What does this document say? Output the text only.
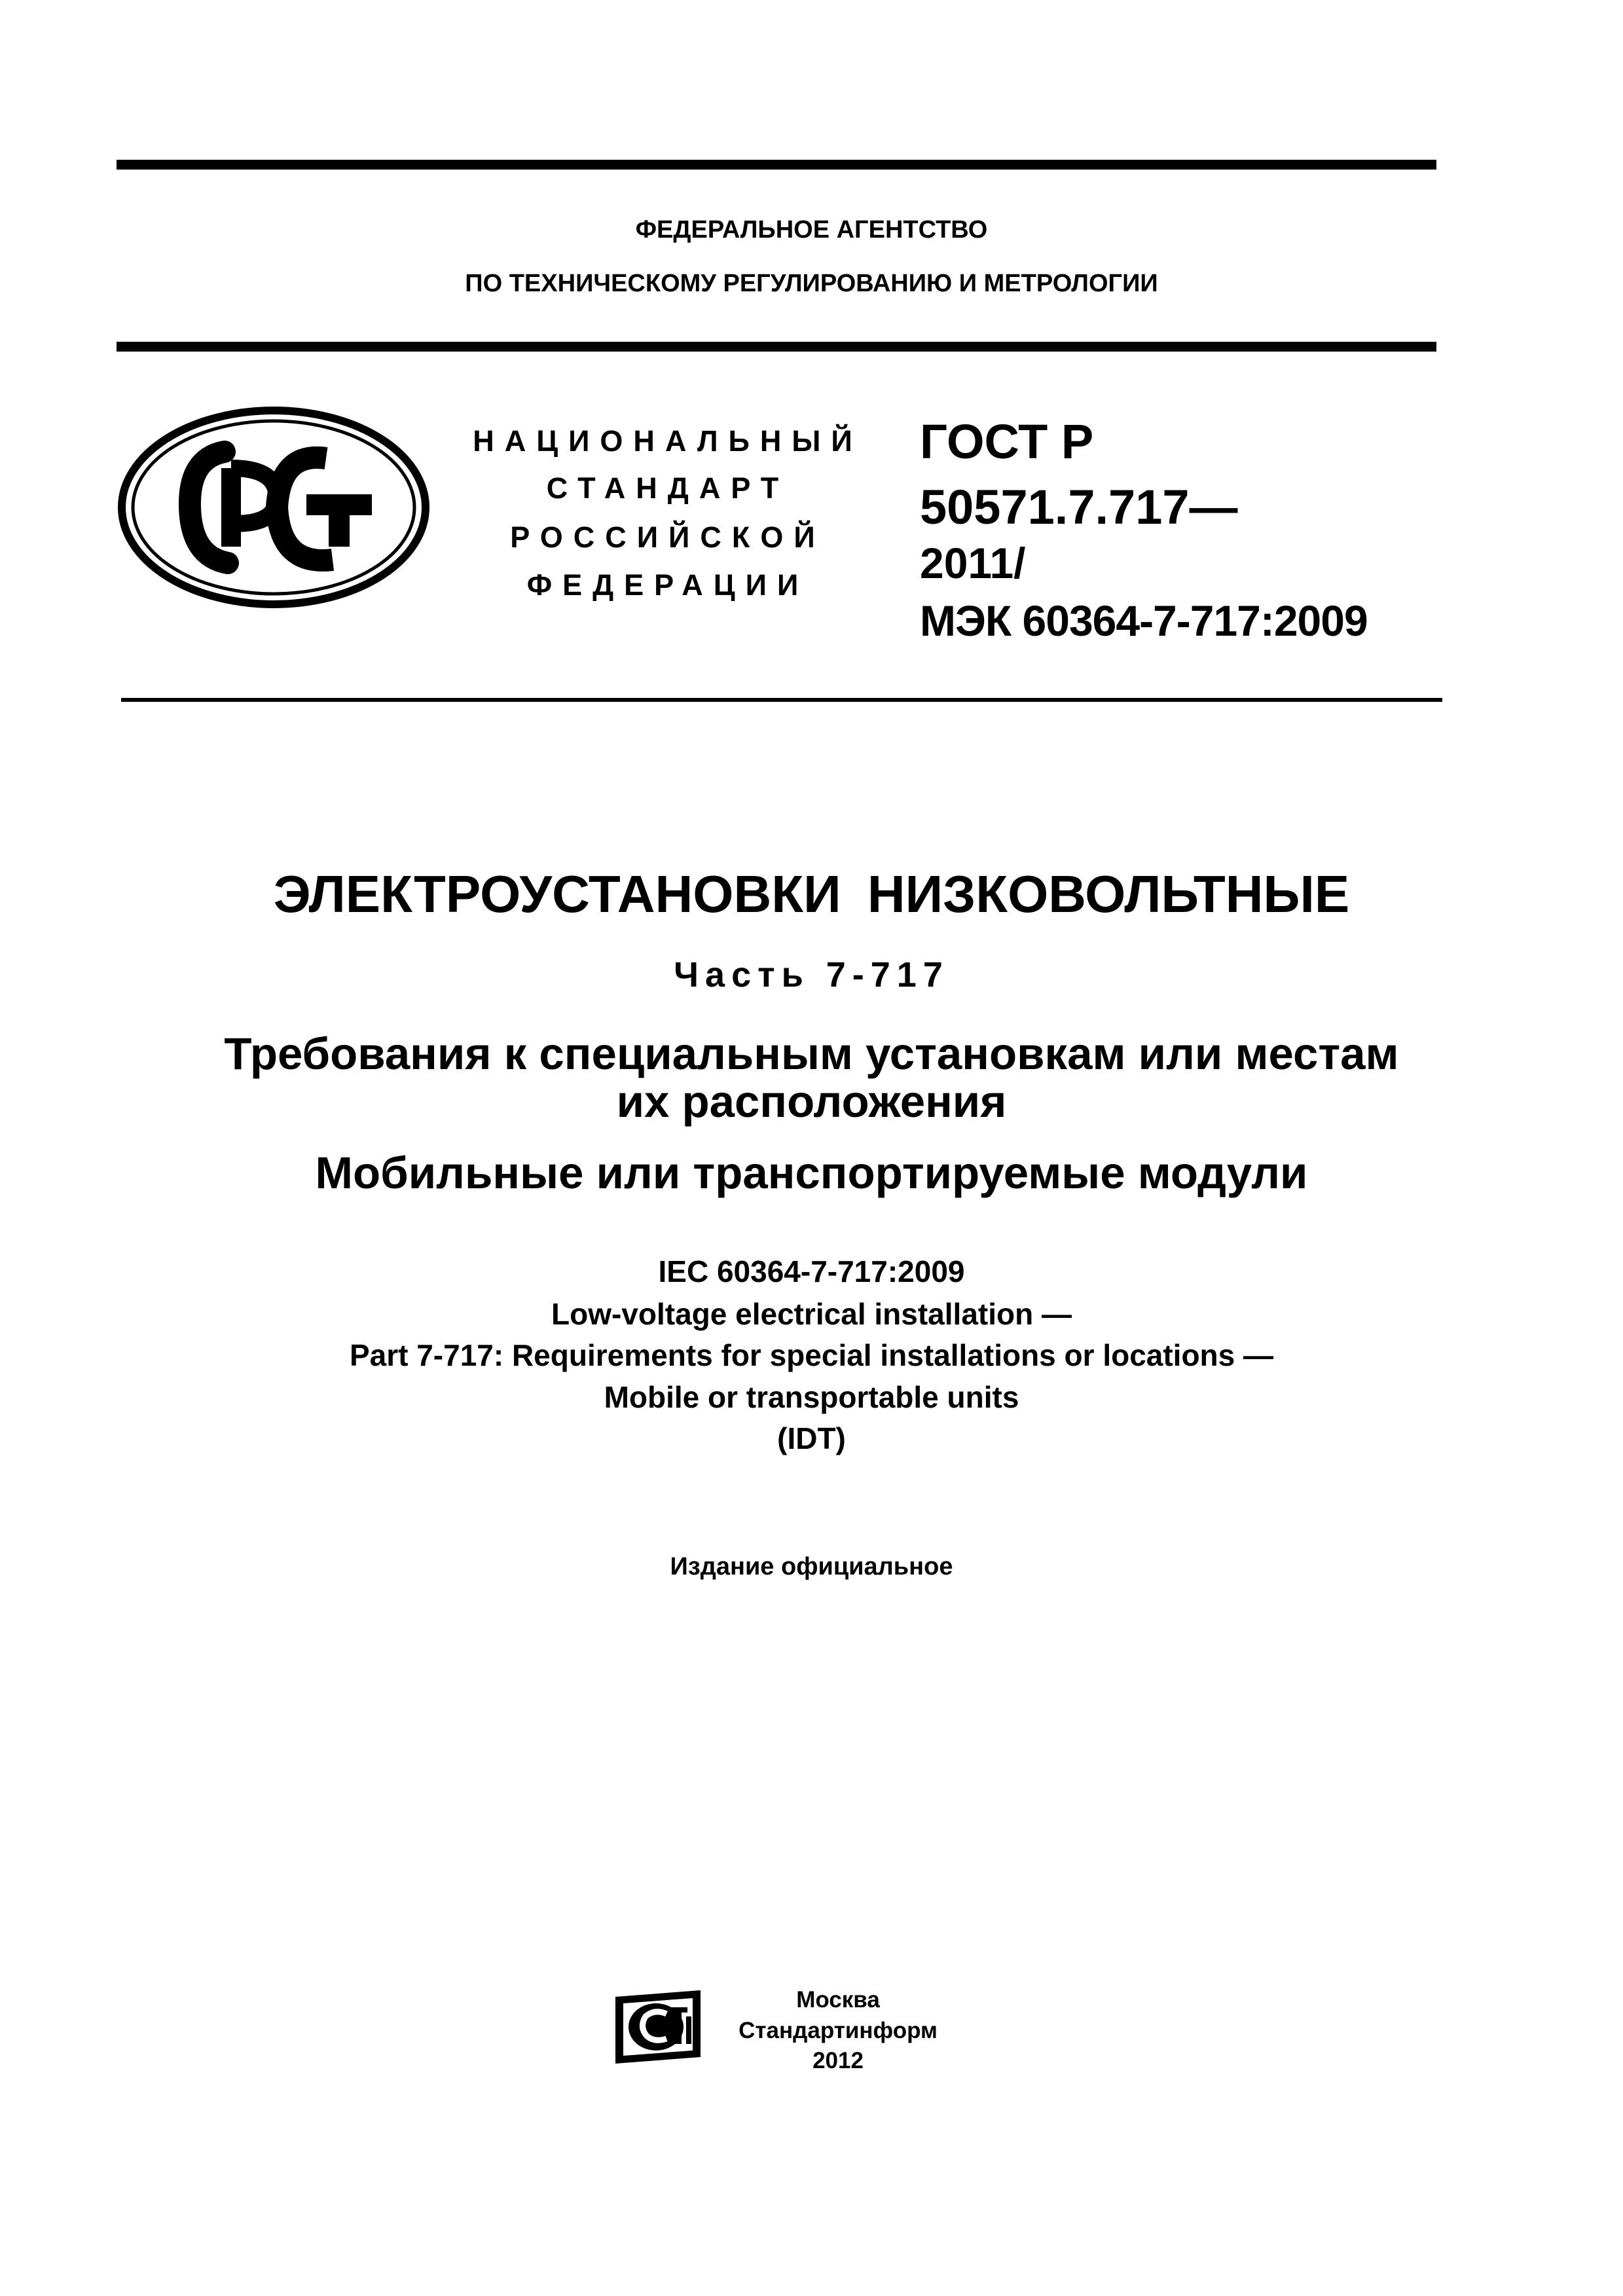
ФЕДЕРАЛЬНОЕ АГЕНТСТВО
ПО ТЕХНИЧЕСКОМУ РЕГУЛИРОВАНИЮ И МЕТРОЛОГИИ
НАЦИОНАЛЬНЫЙ
СТАНДАРТ
РОССИЙСКОЙ
ФЕДЕРАЦИИ
ГОСТ Р
50571.7.717—
2011/
МЭК 60364-7-717:2009
ЭЛЕКТРОУСТАНОВКИ НИЗКОВОЛЬТНЫЕ
Часть 7-717
Требования к специальным установкам или местам
их расположения
Мобильные или транспортируемые модули
IEC 60364-7-717:2009
Low-voltage electrical installation —
Part 7-717: Requirements for special installations or locations —
Mobile or transportable units
(IDT)
Издание официальное
Москва
Стандартинформ
2012
